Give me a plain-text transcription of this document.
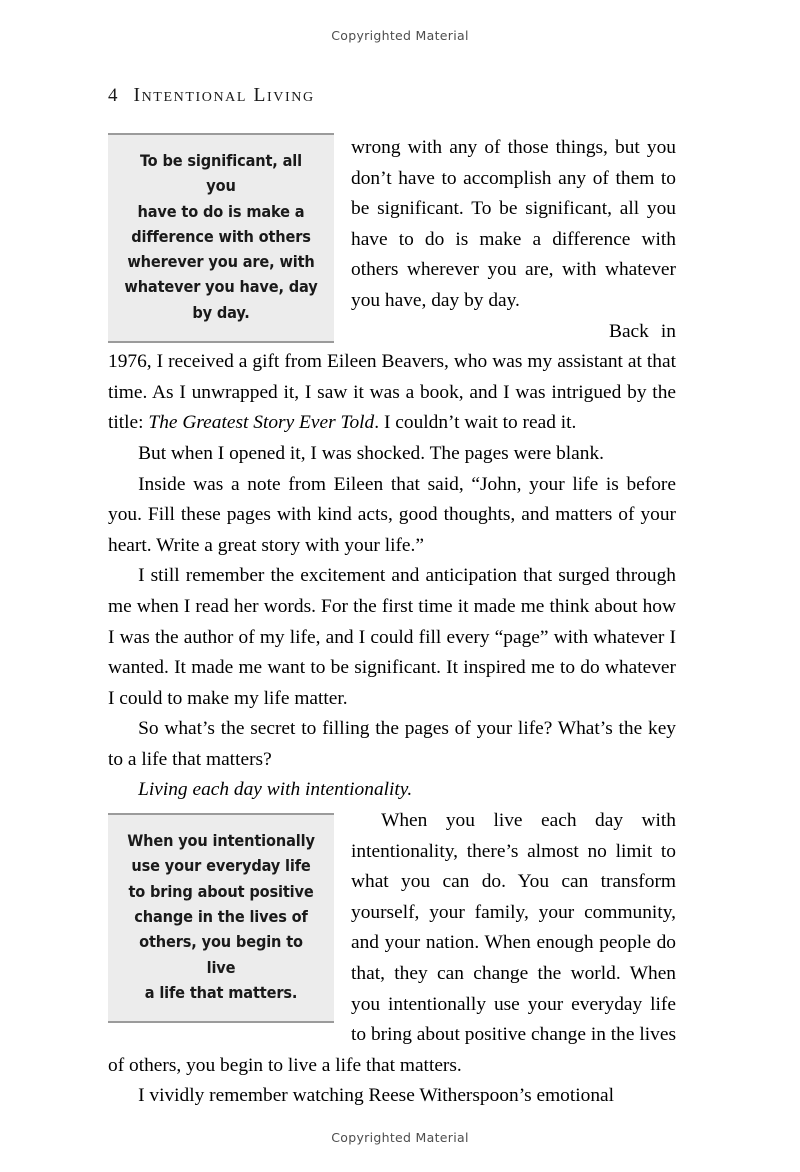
Copyrighted Material
4 Intentional Living
To be significant, all you
have to do is make a
difference with others
wherever you are, with
whatever you have, day
by day.

wrong with any of those things, but you don’t have to accomplish any of them to be significant. To be significant, all you have to do is make a difference with others wherever you are, with whatever you have, day by day.

Back in 1976, I received a gift from Eileen Beavers, who was my assistant at that time. As I unwrapped it, I saw it was a book, and I was intrigued by the title: The Greatest Story Ever Told. I couldn’t wait to read it.

But when I opened it, I was shocked. The pages were blank.

Inside was a note from Eileen that said, “John, your life is before you. Fill these pages with kind acts, good thoughts, and matters of your heart. Write a great story with your life.”

I still remember the excitement and anticipation that surged through me when I read her words. For the first time it made me think about how I was the author of my life, and I could fill every “page” with whatever I wanted. It made me want to be significant. It inspired me to do whatever I could to make my life matter.

So what’s the secret to filling the pages of your life? What’s the key to a life that matters?

Living each day with intentionality.

When you intentionally
use your everyday life
to bring about positive
change in the lives of
others, you begin to live
a life that matters.

When you live each day with intentionality, there’s almost no limit to what you can do. You can transform yourself, your family, your community, and your nation. When enough people do that, they can change the world. When you intentionally use your everyday life to bring about positive change in the lives of others, you begin to live a life that matters.

I vividly remember watching Reese Witherspoon’s emotional

Copyrighted Material
